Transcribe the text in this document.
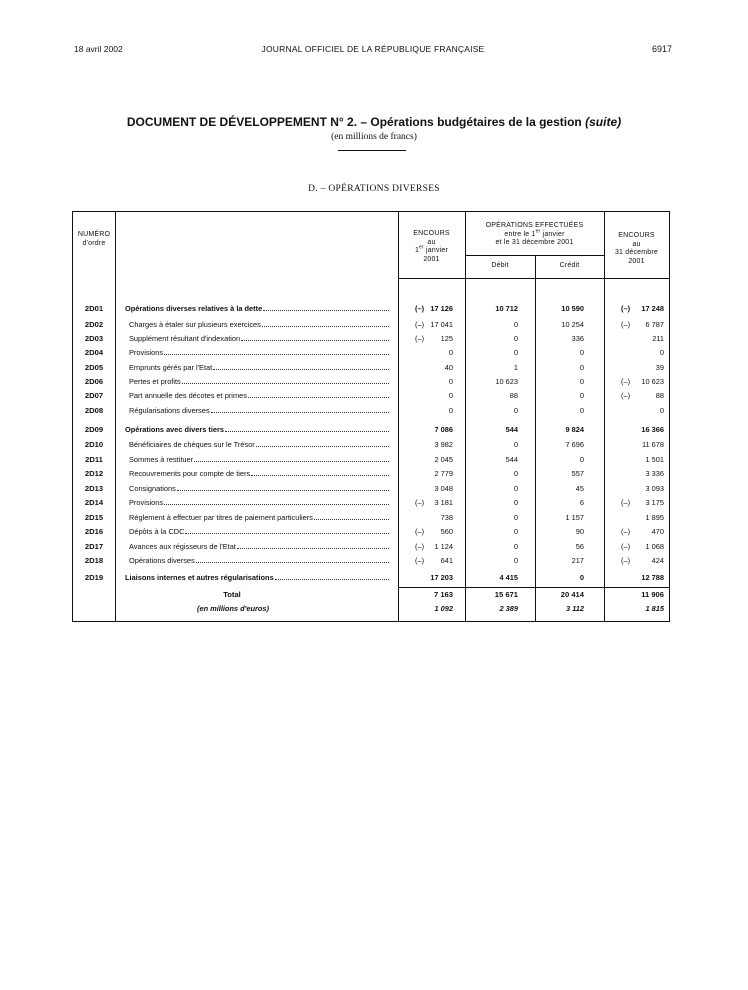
18 avril 2002	JOURNAL OFFICIEL DE LA RÉPUBLIQUE FRANÇAISE	6917
DOCUMENT DE DÉVELOPPEMENT N° 2. – Opérations budgétaires de la gestion (suite)
(en millions de francs)
D. – OPÉRATIONS DIVERSES
NUMÉRO
d'ordre
ENCOURS
au
1er janvier
2001
OPÉRATIONS EFFECTUÉES
entre le 1er janvier
et le 31 décembre 2001
Débit	Crédit
ENCOURS
au
31 décembre
2001
2D01	Opérations diverses relatives à la dette	(–) 17 126	10 712	10 590	(–)	17 248
2D02	Charges à étaler sur plusieurs exercices	(–) 17 041	0	10 254	(–)	6 787
2D03	Supplément résultant d'indexation	(–)	125	0	336	211
2D04	Provisions	0	0	0	0
2D05	Emprunts gérés par l'Etat	40	1	0	39
2D06	Pertes et profits	0	10 623	0	(–)	10 623
2D07	Part annuelle des décotes et primes	0	88	0	(–)	88
2D08	Régularisations diverses	0	0	0	0
2D09	Opérations avec divers tiers	7 086	544	9 824	16 366
2D10	Bénéficiaires de chèques sur le Trésor	3 982	0	7 696	11 678
2D11	Sommes à restituer	2 045	544	0	1 501
2D12	Recouvrements pour compte de tiers	2 779	0	557	3 336
2D13	Consignations	3 048	0	45	3 093
2D14	Provisions	(–)	3 181	0	6	(–)	3 175
2D15	Règlement à effectuer par titres de paiement particuliers	738	0	1 157	1 895
2D16	Dépôts à la CDC	(–)	560	0	90	(–)	470
2D17	Avances aux régisseurs de l'Etat	(–)	1 124	0	56	(–)	1 068
2D18	Opérations diverses	(–)	641	0	217	(–)	424
2D19	Liaisons internes et autres régularisations	17 203	4 415	0	12 788
Total	7 163	15 671	20 414	11 906
(en millions d'euros)	1 092	2 389	3 112	1 815
